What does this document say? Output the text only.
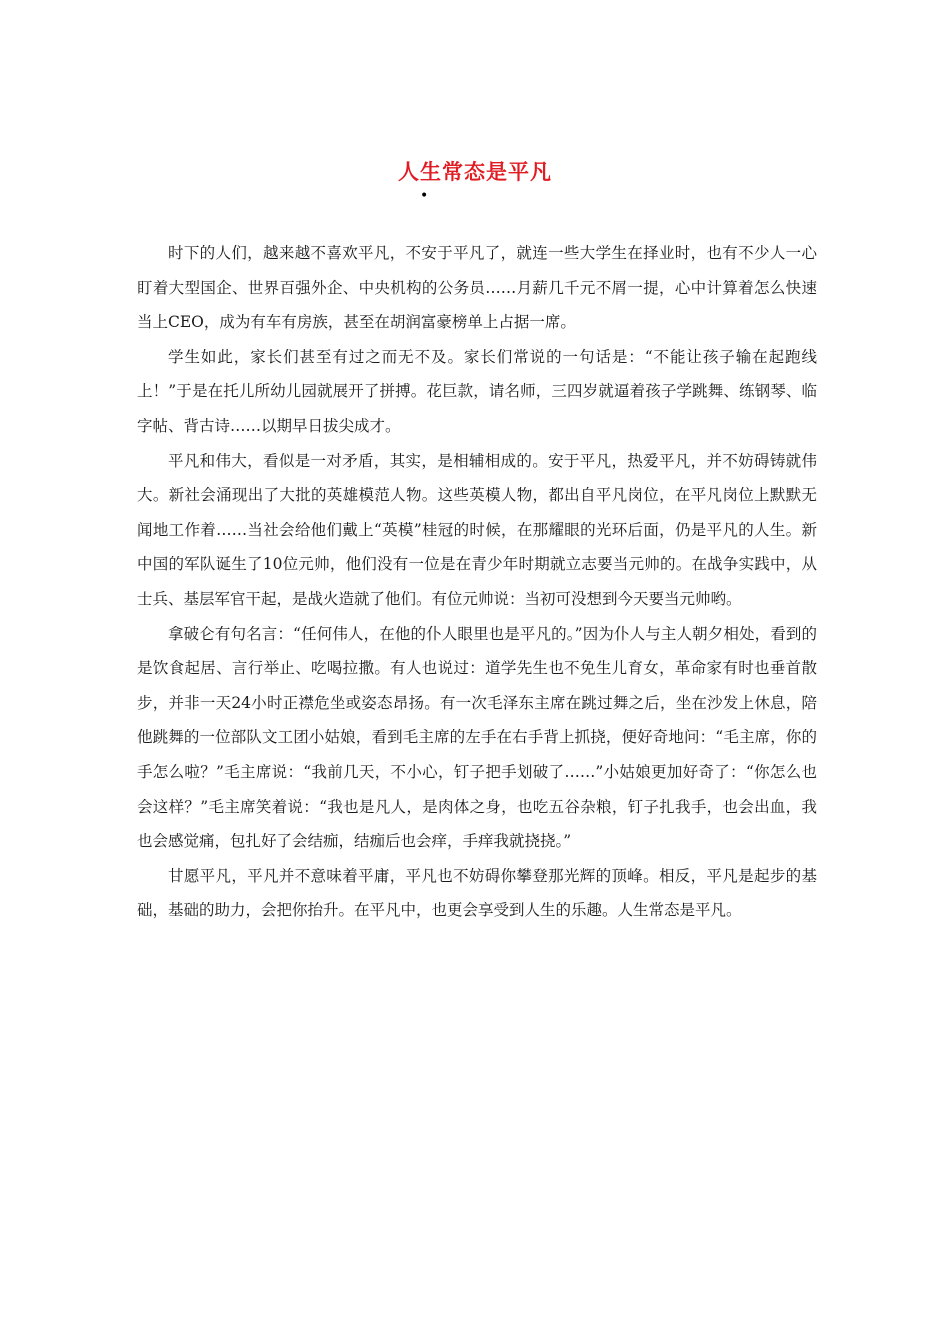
人生常态是平凡
•

时下的人们，越来越不喜欢平凡，不安于平凡了，就连一些大学生在择业时，也有不少人一心盯着大型国企、世界百强外企、中央机构的公务员……月薪几千元不屑一提，心中计算着怎么快速当上CEO，成为有车有房族，甚至在胡润富豪榜单上占据一席。

学生如此，家长们甚至有过之而无不及。家长们常说的一句话是：“不能让孩子输在起跑线上！”于是在托儿所幼儿园就展开了拼搏。花巨款，请名师，三四岁就逼着孩子学跳舞、练钢琴、临字帖、背古诗……以期早日拔尖成才。

平凡和伟大，看似是一对矛盾，其实，是相辅相成的。安于平凡，热爱平凡，并不妨碍铸就伟大。新社会涌现出了大批的英雄模范人物。这些英模人物，都出自平凡岗位，在平凡岗位上默默无闻地工作着……当社会给他们戴上“英模”桂冠的时候，在那耀眼的光环后面，仍是平凡的人生。新中国的军队诞生了10位元帅，他们没有一位是在青少年时期就立志要当元帅的。在战争实践中，从士兵、基层军官干起，是战火造就了他们。有位元帅说：当初可没想到今天要当元帅哟。

拿破仑有句名言：“任何伟人，在他的仆人眼里也是平凡的。”因为仆人与主人朝夕相处，看到的是饮食起居、言行举止、吃喝拉撒。有人也说过：道学先生也不免生儿育女，革命家有时也垂首散步，并非一天24小时正襟危坐或姿态昂扬。有一次毛泽东主席在跳过舞之后，坐在沙发上休息，陪他跳舞的一位部队文工团小姑娘，看到毛主席的左手在右手背上抓挠，便好奇地问：“毛主席，你的手怎么啦？”毛主席说：“我前几天，不小心，钉子把手划破了……”小姑娘更加好奇了：“你怎么也会这样？”毛主席笑着说：“我也是凡人，是肉体之身，也吃五谷杂粮，钉子扎我手，也会出血，我也会感觉痛，包扎好了会结痂，结痂后也会痒，手痒我就挠挠。”

甘愿平凡，平凡并不意味着平庸，平凡也不妨碍你攀登那光辉的顶峰。相反，平凡是起步的基础，基础的助力，会把你抬升。在平凡中，也更会享受到人生的乐趣。人生常态是平凡。
